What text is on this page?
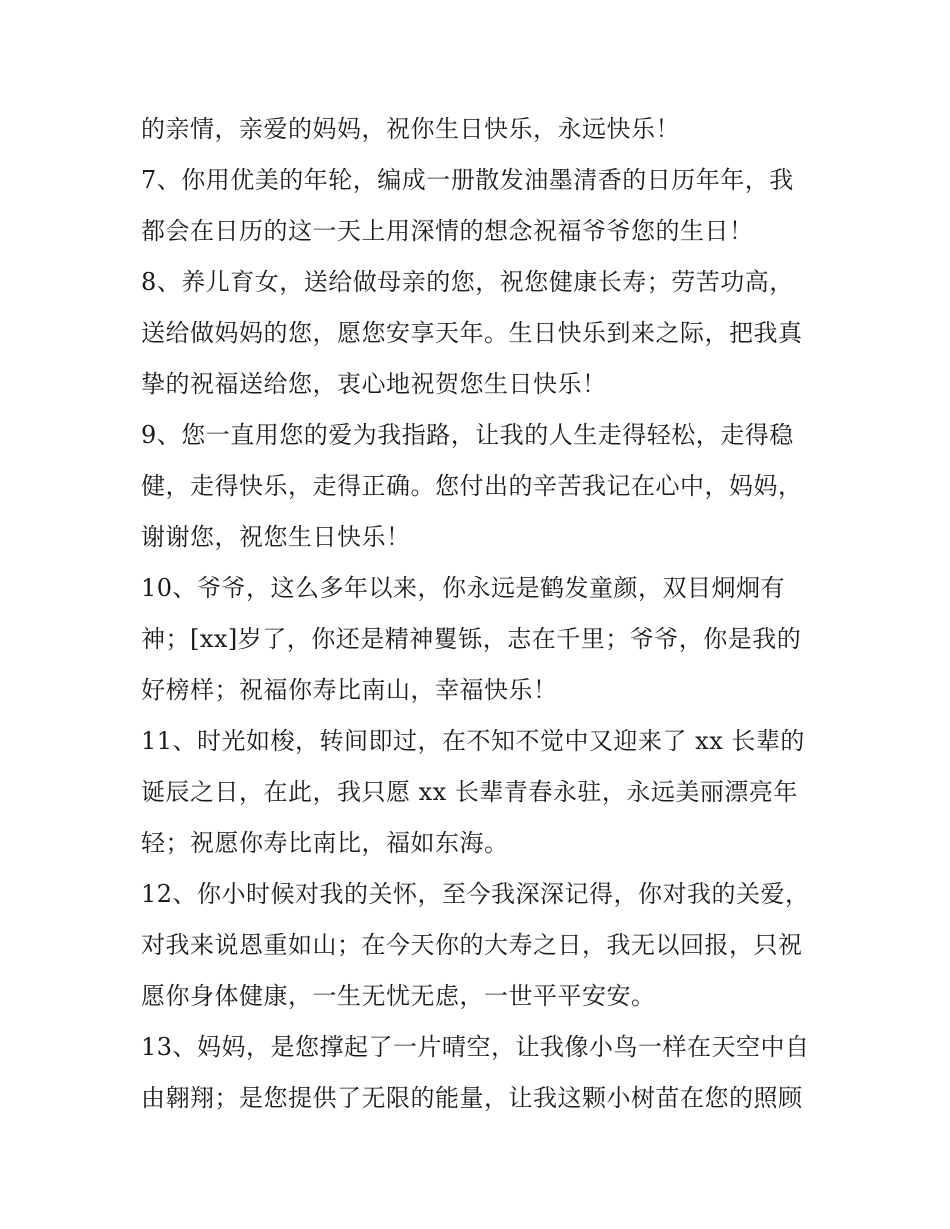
的亲情，亲爱的妈妈，祝你生日快乐，永远快乐！
7、你用优美的年轮，编成一册散发油墨清香的日历年年，我
都会在日历的这一天上用深情的想念祝福爷爷您的生日！
8、养儿育女，送给做母亲的您，祝您健康长寿；劳苦功高，
送给做妈妈的您，愿您安享天年。生日快乐到来之际，把我真
挚的祝福送给您，衷心地祝贺您生日快乐！
9、您一直用您的爱为我指路，让我的人生走得轻松，走得稳
健，走得快乐，走得正确。您付出的辛苦我记在心中，妈妈，
谢谢您，祝您生日快乐！
10、爷爷，这么多年以来，你永远是鹤发童颜，双目炯炯有
神；[xx]岁了，你还是精神矍铄，志在千里；爷爷，你是我的
好榜样；祝福你寿比南山，幸福快乐！
11、时光如梭，转间即过，在不知不觉中又迎来了 xx 长辈的
诞辰之日，在此，我只愿 xx 长辈青春永驻，永远美丽漂亮年
轻；祝愿你寿比南比，福如东海。
12、你小时候对我的关怀，至今我深深记得，你对我的关爱，
对我来说恩重如山；在今天你的大寿之日，我无以回报，只祝
愿你身体健康，一生无忧无虑，一世平平安安。
13、妈妈，是您撑起了一片晴空，让我像小鸟一样在天空中自
由翱翔；是您提供了无限的能量，让我这颗小树苗在您的照顾
